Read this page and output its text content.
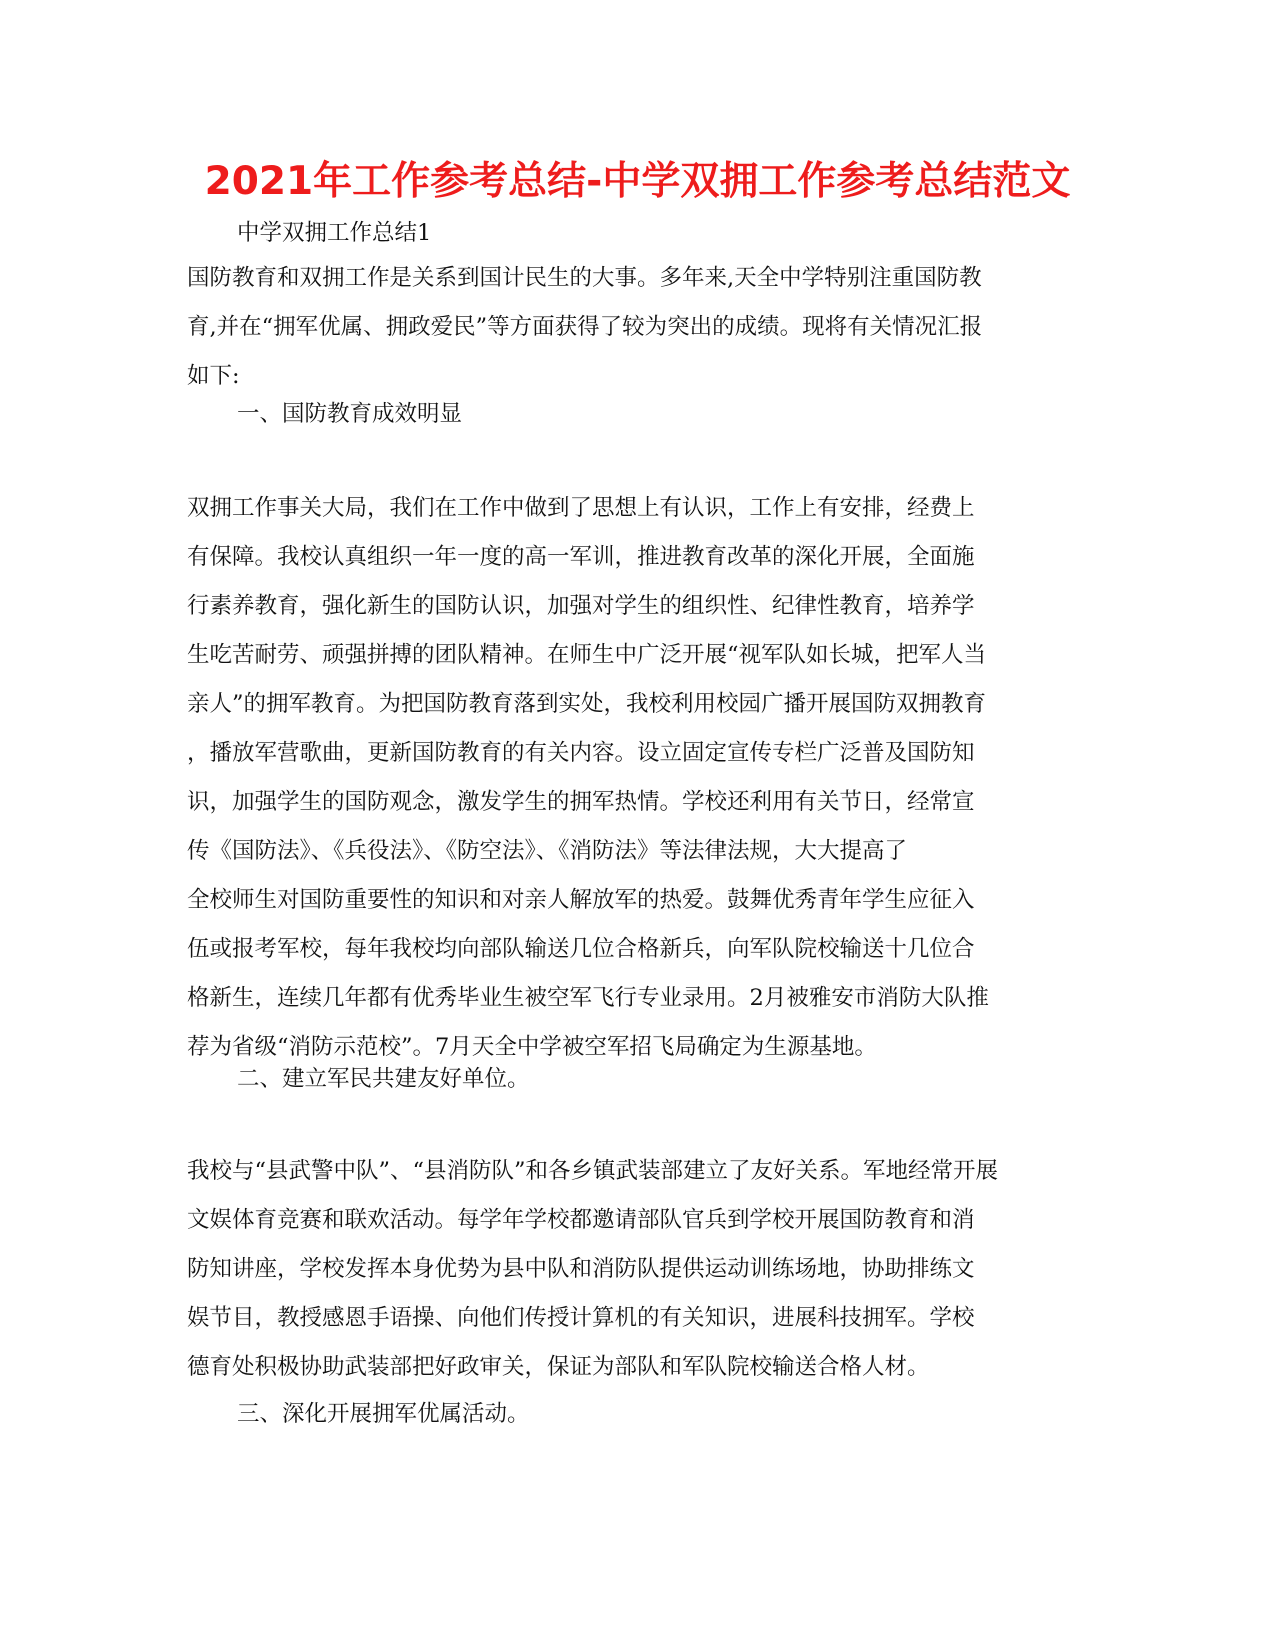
2021年工作参考总结-中学双拥工作参考总结范文

中学双拥工作总结1

国防教育和双拥工作是关系到国计民生的大事。多年来,天全中学特别注重国防教
育,并在“拥军优属、拥政爱民”等方面获得了较为突出的成绩。现将有关情况汇报
如下:

一、国防教育成效明显

双拥工作事关大局，我们在工作中做到了思想上有认识，工作上有安排，经费上
有保障。我校认真组织一年一度的高一军训，推进教育改革的深化开展，全面施
行素养教育，强化新生的国防认识，加强对学生的组织性、纪律性教育，培养学
生吃苦耐劳、顽强拼搏的团队精神。在师生中广泛开展“视军队如长城，把军人当
亲人”的拥军教育。为把国防教育落到实处，我校利用校园广播开展国防双拥教育
，播放军营歌曲，更新国防教育的有关内容。设立固定宣传专栏广泛普及国防知
识，加强学生的国防观念，激发学生的拥军热情。学校还利用有关节日，经常宣
传《国防法》、《兵役法》、《防空法》、《消防法》等法律法规，大大提高了
全校师生对国防重要性的知识和对亲人解放军的热爱。鼓舞优秀青年学生应征入
伍或报考军校，每年我校均向部队输送几位合格新兵，向军队院校输送十几位合
格新生，连续几年都有优秀毕业生被空军飞行专业录用。2月被雅安市消防大队推
荐为省级“消防示范校”。7月天全中学被空军招飞局确定为生源基地。

二、建立军民共建友好单位。

我校与“县武警中队”、“县消防队”和各乡镇武装部建立了友好关系。军地经常开展
文娱体育竞赛和联欢活动。每学年学校都邀请部队官兵到学校开展国防教育和消
防知讲座，学校发挥本身优势为县中队和消防队提供运动训练场地，协助排练文
娱节目，教授感恩手语操、向他们传授计算机的有关知识，进展科技拥军。学校
德育处积极协助武装部把好政审关，保证为部队和军队院校输送合格人材。

三、深化开展拥军优属活动。
